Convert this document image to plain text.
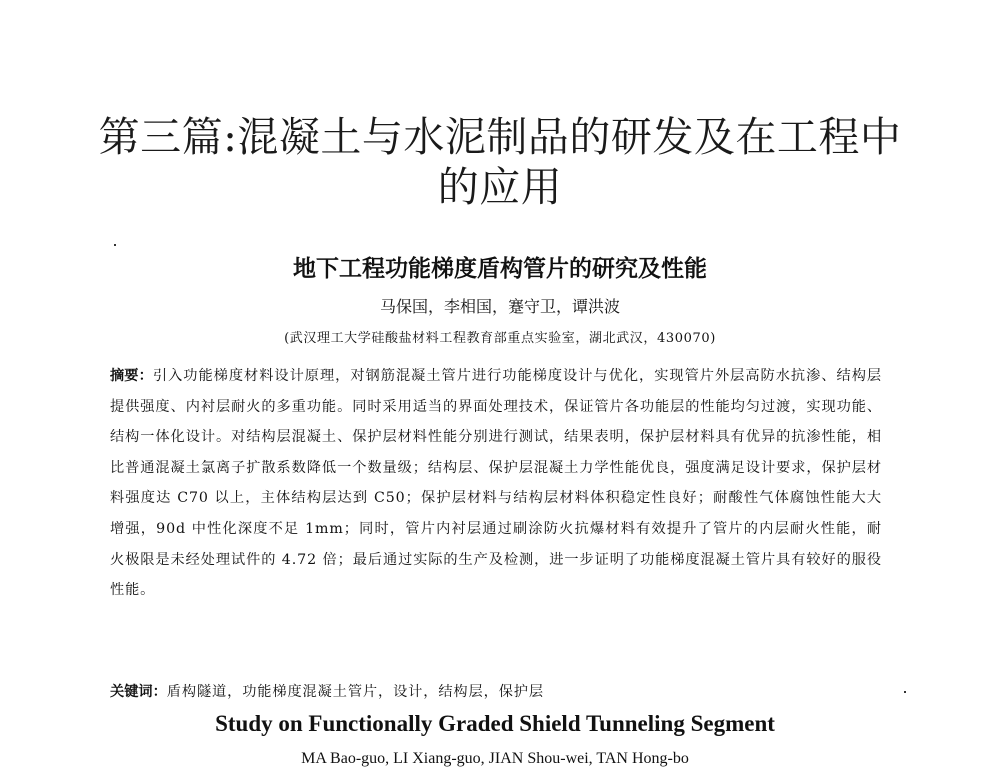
第三篇:混凝土与水泥制品的研发及在工程中的应用
地下工程功能梯度盾构管片的研究及性能
马保国，李相国，蹇守卫，谭洪波
(武汉理工大学硅酸盐材料工程教育部重点实验室，湖北武汉，430070)
摘要：引入功能梯度材料设计原理，对钢筋混凝土管片进行功能梯度设计与优化，实现管片外层高防水抗渗、结构层提供强度、内衬层耐火的多重功能。同时采用适当的界面处理技术，保证管片各功能层的性能均匀过渡，实现功能、结构一体化设计。对结构层混凝土、保护层材料性能分别进行测试，结果表明，保护层材料具有优异的抗渗性能，相比普通混凝土氯离子扩散系数降低一个数量级；结构层、保护层混凝土力学性能优良，强度满足设计要求，保护层材料强度达 C70 以上，主体结构层达到 C50；保护层材料与结构层材料体积稳定性良好；耐酸性气体腐蚀性能大大增强，90d 中性化深度不足 1mm；同时，管片内衬层通过刷涂防火抗爆材料有效提升了管片的内层耐火性能，耐火极限是未经处理试件的 4.72 倍；最后通过实际的生产及检测，进一步证明了功能梯度混凝土管片具有较好的服役性能。
关键词：盾构隧道，功能梯度混凝土管片，设计，结构层，保护层
Study on Functionally Graded Shield Tunneling Segment
MA Bao-guo, LI Xiang-guo, JIAN Shou-wei, TAN Hong-bo
